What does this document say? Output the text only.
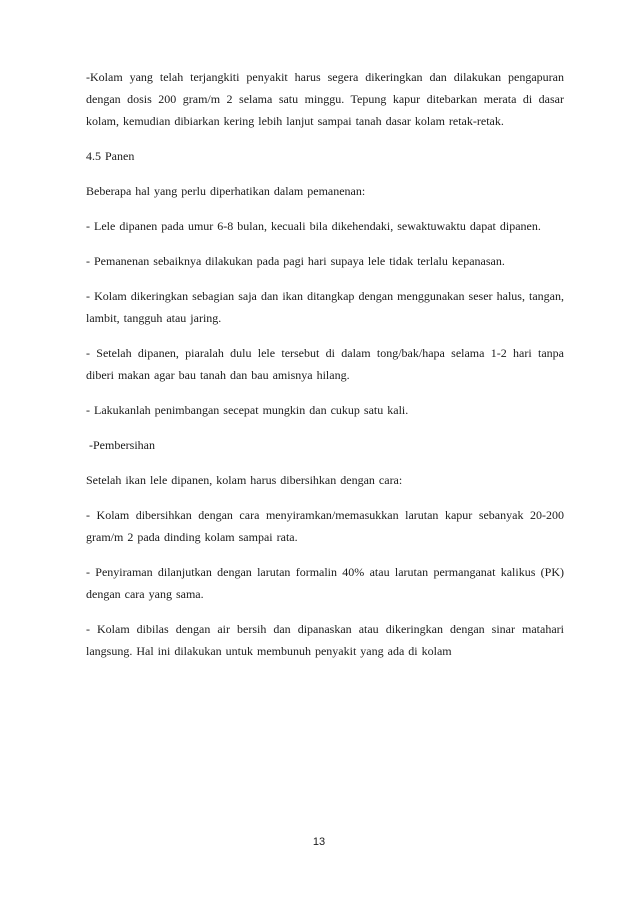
-Kolam yang telah terjangkiti penyakit harus segera dikeringkan dan dilakukan pengapuran dengan dosis 200 gram/m 2 selama satu minggu. Tepung kapur ditebarkan merata di dasar kolam, kemudian dibiarkan kering lebih lanjut sampai tanah dasar kolam retak-retak.

4.5 Panen

Beberapa hal yang perlu diperhatikan dalam pemanenan:

- Lele dipanen pada umur 6-8 bulan, kecuali bila dikehendaki, sewaktuwaktu dapat dipanen.

- Pemanenan sebaiknya dilakukan pada pagi hari supaya lele tidak terlalu kepanasan.

- Kolam dikeringkan sebagian saja dan ikan ditangkap dengan menggunakan seser halus, tangan, lambit, tangguh atau jaring.

- Setelah dipanen, piaralah dulu lele tersebut di dalam tong/bak/hapa selama 1-2 hari tanpa diberi makan agar bau tanah dan bau amisnya hilang.

- Lakukanlah penimbangan secepat mungkin dan cukup satu kali.

-Pembersihan

Setelah ikan lele dipanen, kolam harus dibersihkan dengan cara:

- Kolam dibersihkan dengan cara menyiramkan/memasukkan larutan kapur sebanyak 20-200 gram/m 2 pada dinding kolam sampai rata.

- Penyiraman dilanjutkan dengan larutan formalin 40% atau larutan permanganat kalikus (PK) dengan cara yang sama.

- Kolam dibilas dengan air bersih dan dipanaskan atau dikeringkan dengan sinar matahari langsung. Hal ini dilakukan untuk membunuh penyakit yang ada di kolam

13
